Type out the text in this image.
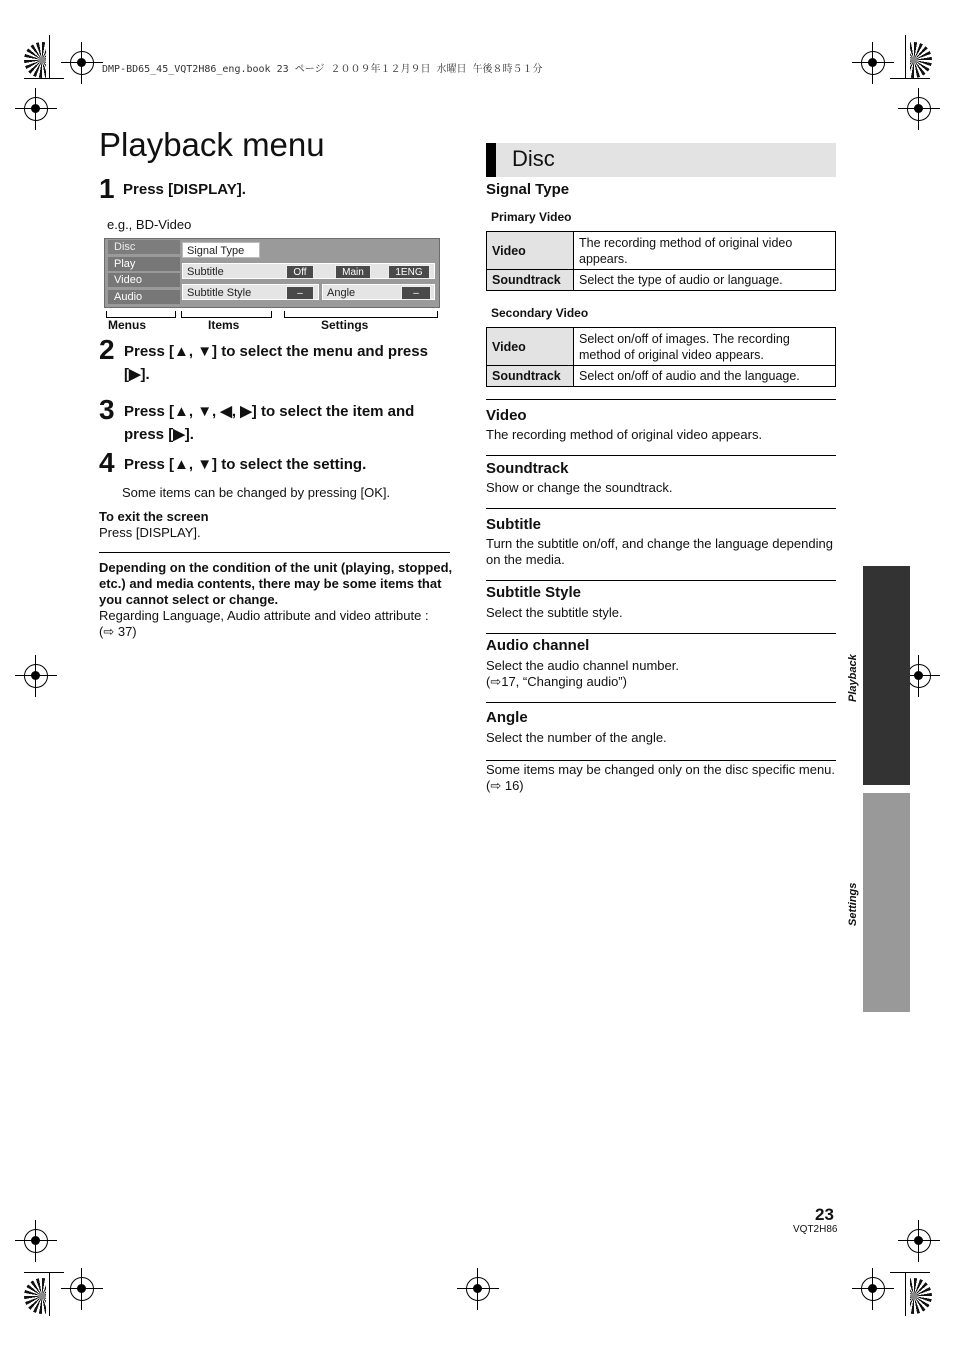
DMP-BD65_45_VQT2H86_eng.book 23 ページ ２００９年１２月９日 水曜日 午後８時５１分
Playback menu
1 Press [DISPLAY].
e.g., BD-Video
Disc
Play
Video
Audio
Signal Type
Subtitle	Off	Main	1ENG
Subtitle Style	–	Angle	–
Menus	Items	Settings
2 Press [▲, ▼] to select the menu and press
[▶].
3 Press [▲, ▼, ◀, ▶] to select the item and
press [▶].
4 Press [▲, ▼] to select the setting.
Some items can be changed by pressing [OK].
To exit the screen
Press [DISPLAY].
Depending on the condition of the unit (playing, stopped,
etc.) and media contents, there may be some items that
you cannot select or change.
Regarding Language, Audio attribute and video attribute :
(⇨ 37)
Disc
Signal Type
Primary Video
Video	The recording method of original video
appears.

Soundtrack	Select the type of audio or language.
Secondary Video
Video	Select on/off of images. The recording
method of original video appears.

Soundtrack	Select on/off of audio and the language.
Video
The recording method of original video appears.
Soundtrack
Show or change the soundtrack.
Subtitle
Turn the subtitle on/off, and change the language depending
on the media.
Subtitle Style
Select the subtitle style.
Audio channel
Select the audio channel number.
(⇨17, “Changing audio”)
Angle
Select the number of the angle.
Some items may be changed only on the disc specific menu.
(⇨ 16)
Playback
Settings
23
VQT2H86
